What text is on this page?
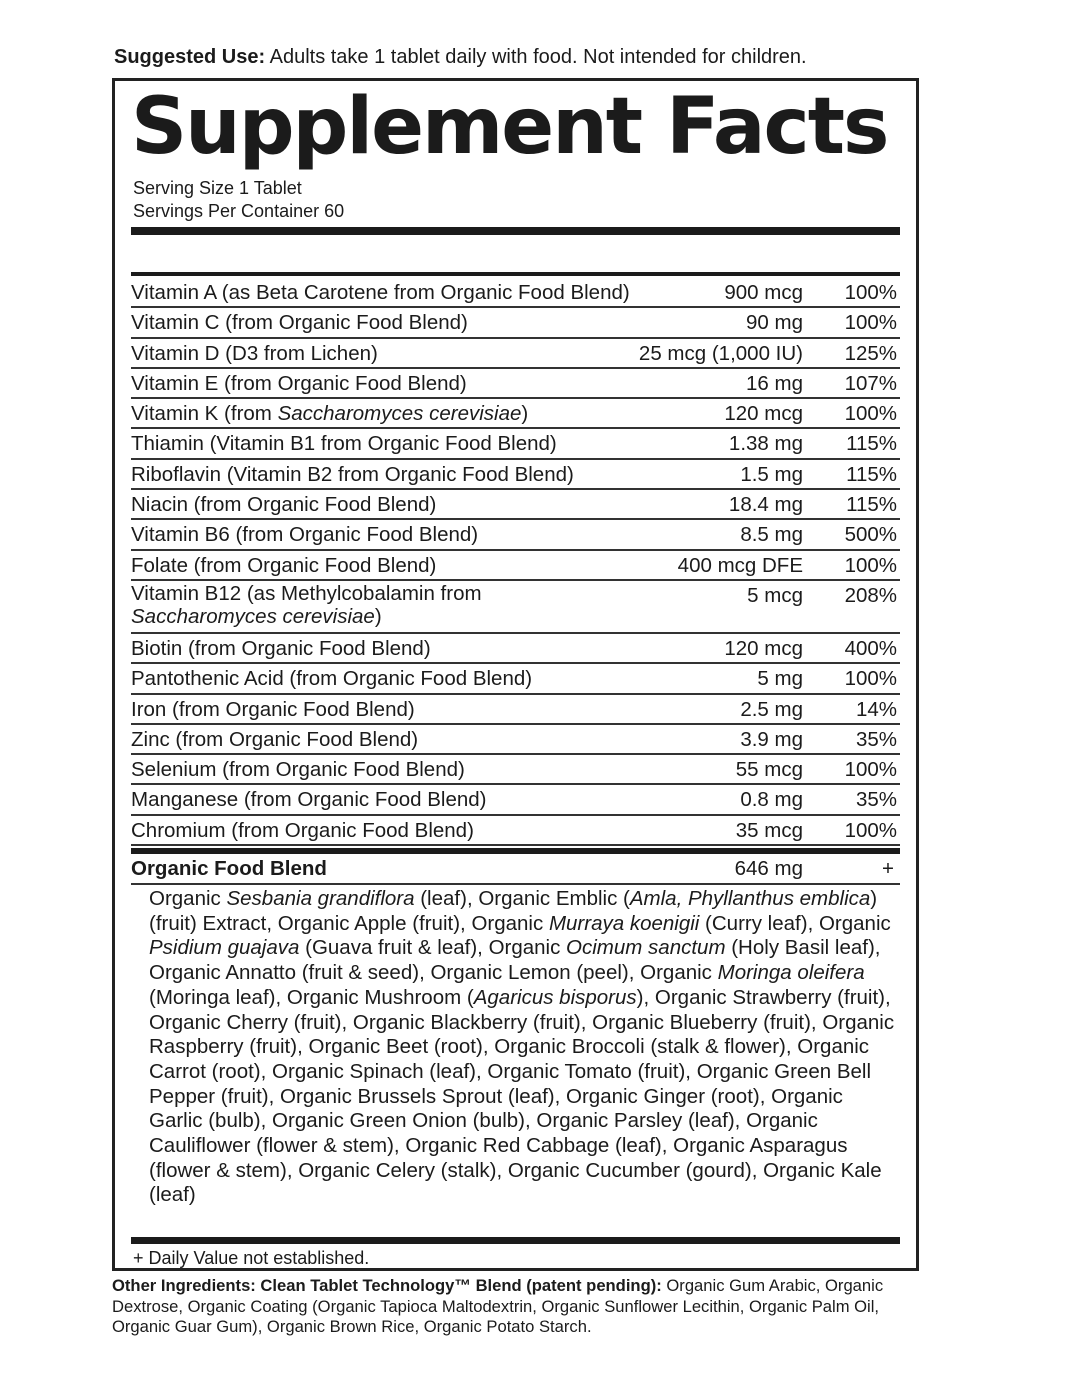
Suggested Use: Adults take 1 tablet daily with food. Not intended for children.
Supplement Facts
Serving Size 1 Tablet
Servings Per Container 60
Vitamin A (as Beta Carotene from Organic Food Blend)	900 mcg 100%
Vitamin C (from Organic Food Blend)	90 mg 100%
Vitamin D (D3 from Lichen)	25 mcg (1,000 IU) 125%
Vitamin E (from Organic Food Blend)	16 mg 107%
Vitamin K (from Saccharomyces cerevisiae)	120 mcg 100%
Thiamin (Vitamin B1 from Organic Food Blend)	1.38 mg 115%
Riboflavin (Vitamin B2 from Organic Food Blend)	1.5 mg 115%
Niacin (from Organic Food Blend)	18.4 mg 115%
Vitamin B6 (from Organic Food Blend)	8.5 mg 500%
Folate (from Organic Food Blend)	400 mcg DFE 100%
Vitamin B12 (as Methylcobalamin from Saccharomyces cerevisiae)
5 mcg 208%
Biotin (from Organic Food Blend)	120 mcg 400%
Pantothenic Acid (from Organic Food Blend)	5 mg 100%
Iron (from Organic Food Blend)	2.5 mg	14%
Zinc (from Organic Food Blend)	3.9 mg	35%
Selenium (from Organic Food Blend)	55 mcg 100%
Manganese (from Organic Food Blend)	0.8 mg	35%
Chromium (from Organic Food Blend)	35 mcg 100%
Organic Food Blend	646 mg	+
Organic Sesbania grandiflora (leaf), Organic Emblic (Amla, Phyllanthus emblica) (fruit) Extract, Organic Apple (fruit), Organic Murraya koenigii (Curry leaf), Organic Psidium guajava (Guava fruit & leaf), Organic Ocimum sanctum (Holy Basil leaf), Organic Annatto (fruit & seed), Organic Lemon (peel), Organic Moringa oleifera (Moringa leaf), Organic Mushroom (Agaricus bisporus), Organic Strawberry (fruit), Organic Cherry (fruit), Organic Blackberry (fruit), Organic Blueberry (fruit), Organic Raspberry (fruit), Organic Beet (root), Organic Broccoli (stalk & flower), Organic Carrot (root), Organic Spinach (leaf), Organic Tomato (fruit), Organic Green Bell Pepper (fruit), Organic Brussels Sprout (leaf), Organic Ginger (root), Organic Garlic (bulb), Organic Green Onion (bulb), Organic Parsley (leaf), Organic Cauliflower (flower & stem), Organic Red Cabbage (leaf), Organic Asparagus (flower & stem), Organic Celery (stalk), Organic Cucumber (gourd), Organic Kale (leaf)
+ Daily Value not established.
Other Ingredients: Clean Tablet Technology™ Blend (patent pending): Organic Gum Arabic, Organic Dextrose, Organic Coating (Organic Tapioca Maltodextrin, Organic Sunflower Lecithin, Organic Palm Oil, Organic Guar Gum), Organic Brown Rice, Organic Potato Starch.
